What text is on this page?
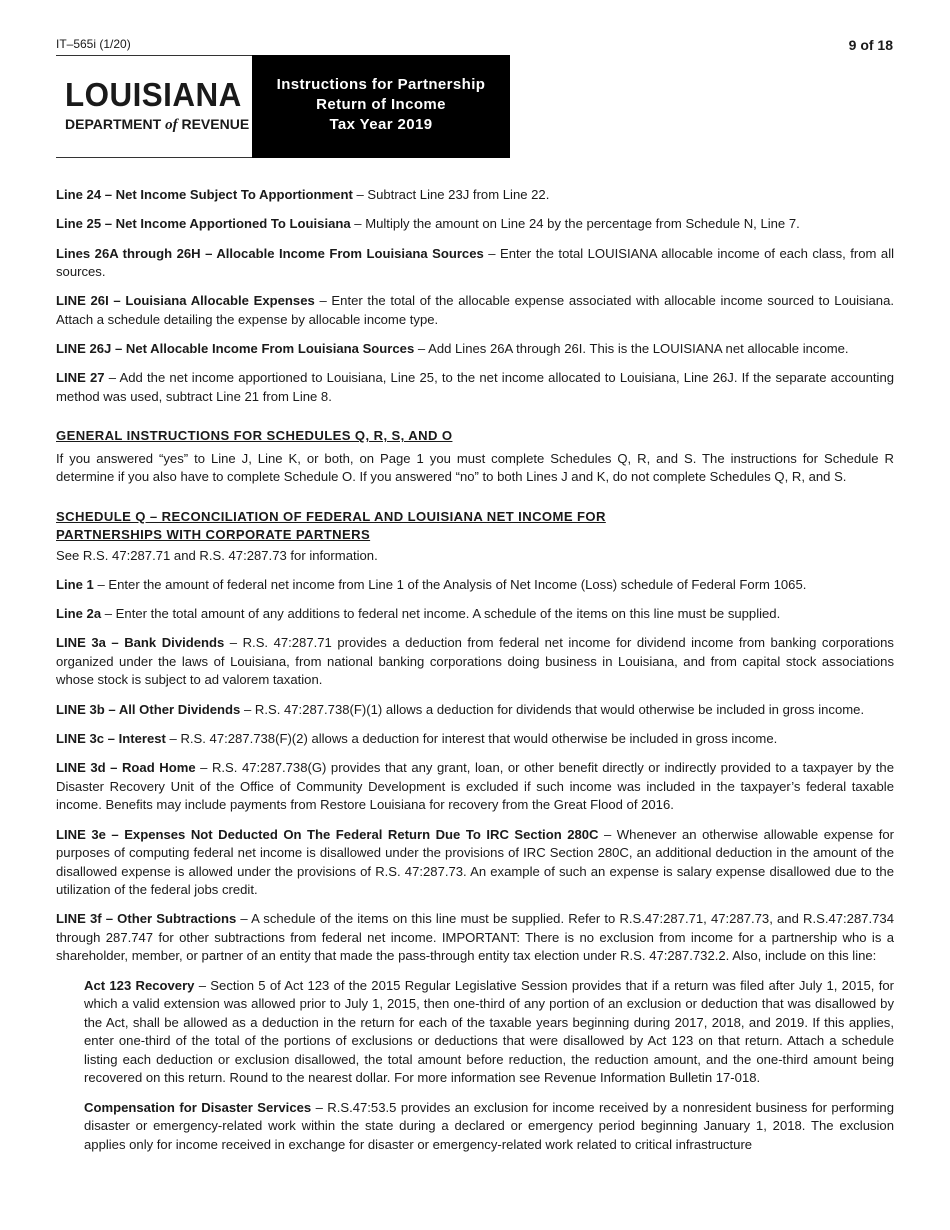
IT–565i (1/20)	9 of 18
LOUISIANA
DEPARTMENT of REVENUE
Instructions for Partnership
Return of Income
Tax Year 2019

Line 24 – Net Income Subject To Apportionment – Subtract Line 23J from Line 22.

Line 25 – Net Income Apportioned To Louisiana – Multiply the amount on Line 24 by the percentage from Schedule N, Line 7.

Lines 26A through 26H – Allocable Income From Louisiana Sources – Enter the total LOUISIANA allocable income of each class, from all sources.

LINE 26I – Louisiana Allocable Expenses – Enter the total of the allocable expense associated with allocable income sourced to Louisiana. Attach a schedule detailing the expense by allocable income type.

LINE 26J – Net Allocable Income From Louisiana Sources – Add Lines 26A through 26I. This is the LOUISIANA net allocable income.

LINE 27 – Add the net income apportioned to Louisiana, Line 25, to the net income allocated to Louisiana, Line 26J. If the separate accounting method was used, subtract Line 21 from Line 8.

GENERAL INSTRUCTIONS FOR SCHEDULES Q, R, S, AND O

If you answered “yes” to Line J, Line K, or both, on Page 1 you must complete Schedules Q, R, and S. The instructions for Schedule R determine if you also have to complete Schedule O. If you answered “no” to both Lines J and K, do not complete Schedules Q, R, and S.

SCHEDULE Q – RECONCILIATION OF FEDERAL AND LOUISIANA NET INCOME FOR
PARTNERSHIPS WITH CORPORATE PARTNERS

See R.S. 47:287.71 and R.S. 47:287.73 for information.

Line 1 – Enter the amount of federal net income from Line 1 of the Analysis of Net Income (Loss) schedule of Federal Form 1065.

Line 2a – Enter the total amount of any additions to federal net income. A schedule of the items on this line must be supplied.

LINE 3a – Bank Dividends – R.S. 47:287.71 provides a deduction from federal net income for dividend income from banking corporations organized under the laws of Louisiana, from national banking corporations doing business in Louisiana, and from capital stock associations whose stock is subject to ad valorem taxation.

LINE 3b – All Other Dividends – R.S. 47:287.738(F)(1) allows a deduction for dividends that would otherwise be included in gross income.

LINE 3c – Interest – R.S. 47:287.738(F)(2) allows a deduction for interest that would otherwise be included in gross income.

LINE 3d – Road Home – R.S. 47:287.738(G) provides that any grant, loan, or other benefit directly or indirectly provided to a taxpayer by the Disaster Recovery Unit of the Office of Community Development is excluded if such income was included in the taxpayer’s federal taxable income. Benefits may include payments from Restore Louisiana for recovery from the Great Flood of 2016.

LINE 3e – Expenses Not Deducted On The Federal Return Due To IRC Section 280C – Whenever an otherwise allowable expense for purposes of computing federal net income is disallowed under the provisions of IRC Section 280C, an additional deduction in the amount of the disallowed expense is allowed under the provisions of R.S. 47:287.73. An example of such an expense is salary expense disallowed due to the utilization of the federal jobs credit.

LINE 3f – Other Subtractions – A schedule of the items on this line must be supplied. Refer to R.S.47:287.71, 47:287.73, and R.S.47:287.734 through 287.747 for other subtractions from federal net income. IMPORTANT: There is no exclusion from income for a partnership who is a shareholder, member, or partner of an entity that made the pass-through entity tax election under R.S. 47:287.732.2. Also, include on this line:

Act 123 Recovery – Section 5 of Act 123 of the 2015 Regular Legislative Session provides that if a return was filed after July 1, 2015, for which a valid extension was allowed prior to July 1, 2015, then one-third of any portion of an exclusion or deduction that was disallowed by the Act, shall be allowed as a deduction in the return for each of the taxable years beginning during 2017, 2018, and 2019. If this applies, enter one-third of the total of the portions of exclusions or deductions that were disallowed by Act 123 on that return. Attach a schedule listing each deduction or exclusion disallowed, the total amount before reduction, the reduction amount, and the one-third amount being recovered on this return. Round to the nearest dollar. For more information see Revenue Information Bulletin 17-018.

Compensation for Disaster Services – R.S.47:53.5 provides an exclusion for income received by a nonresident business for performing disaster or emergency-related work within the state during a declared or emergency period beginning January 1, 2018. The exclusion applies only for income received in exchange for disaster or emergency-related work related to critical infrastructure
